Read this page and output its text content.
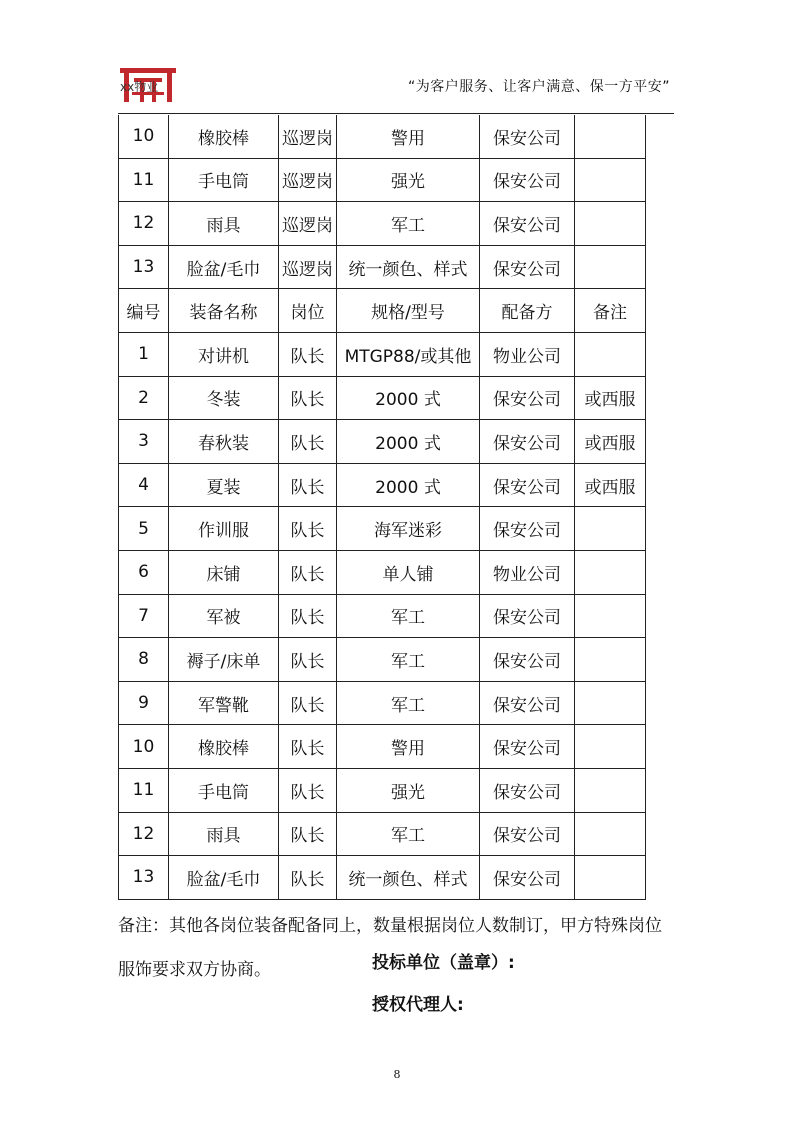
xx物业	“为客户服务、让客户满意、保一方平安”
10	橡胶棒	巡逻岗	警用	保安公司	
11	手电筒	巡逻岗	强光	保安公司	
12	雨具	巡逻岗	军工	保安公司	
13	脸盆/毛巾	巡逻岗	统一颜色、样式	保安公司	
编号	装备名称	岗位	规格/型号	配备方	备注
1	对讲机	队长	MTGP88/或其他	物业公司	
2	冬装	队长	2000 式	保安公司	或西服
3	春秋装	队长	2000 式	保安公司	或西服
4	夏装	队长	2000 式	保安公司	或西服
5	作训服	队长	海军迷彩	保安公司	
6	床铺	队长	单人铺	物业公司	
7	军被	队长	军工	保安公司	
8	褥子/床单	队长	军工	保安公司	
9	军警靴	队长	军工	保安公司	
10	橡胶棒	队长	警用	保安公司	
11	手电筒	队长	强光	保安公司	
12	雨具	队长	军工	保安公司	
13	脸盆/毛巾	队长	统一颜色、样式	保安公司	
备注：其他各岗位装备配备同上，数量根据岗位人数制订，甲方特殊岗位服饰要求双方协商。	投标单位（盖章）:
授权代理人:
8
